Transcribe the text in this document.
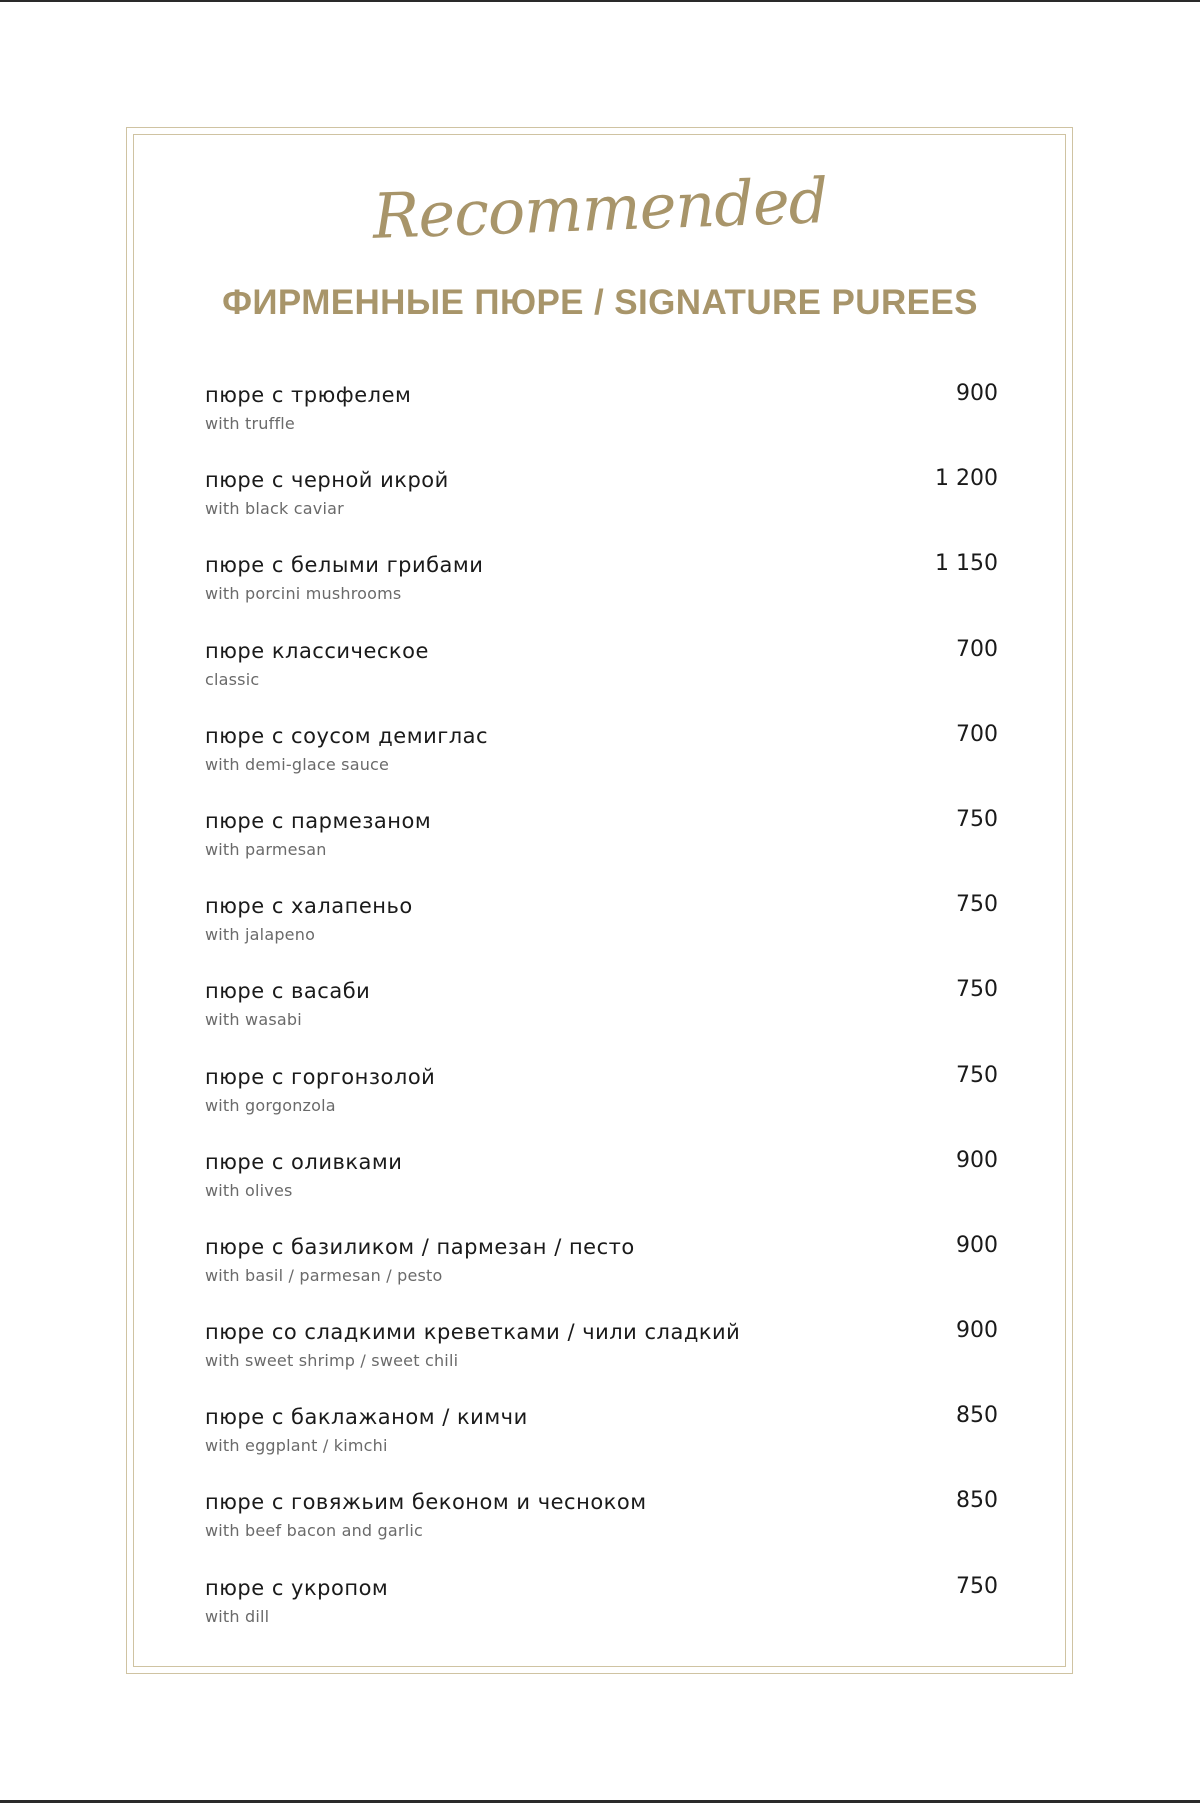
Recommended
ФИРМЕННЫЕ ПЮРЕ / SIGNATURE PUREES
пюре с трюфелем
with truffle
900
пюре с черной икрой
with black caviar
1 200
пюре с белыми грибами
with porcini mushrooms
1 150
пюре классическое
classic
700
пюре с соусом демиглас
with demi-glace sauce
700
пюре с пармезаном
with parmesan
750
пюре с халапеньо
with jalapeno
750
пюре с васаби
with wasabi
750
пюре с горгонзолой
with gorgonzola
750
пюре с оливками
with olives
900
пюре с базиликом / пармезан / песто
with basil / parmesan / pesto
900
пюре со сладкими креветками / чили сладкий
with sweet shrimp / sweet chili
900
пюре с баклажаном / кимчи
with eggplant / kimchi
850
пюре с говяжьим беконом и чесноком
with beef bacon and garlic
850
пюре с укропом
with dill
750
